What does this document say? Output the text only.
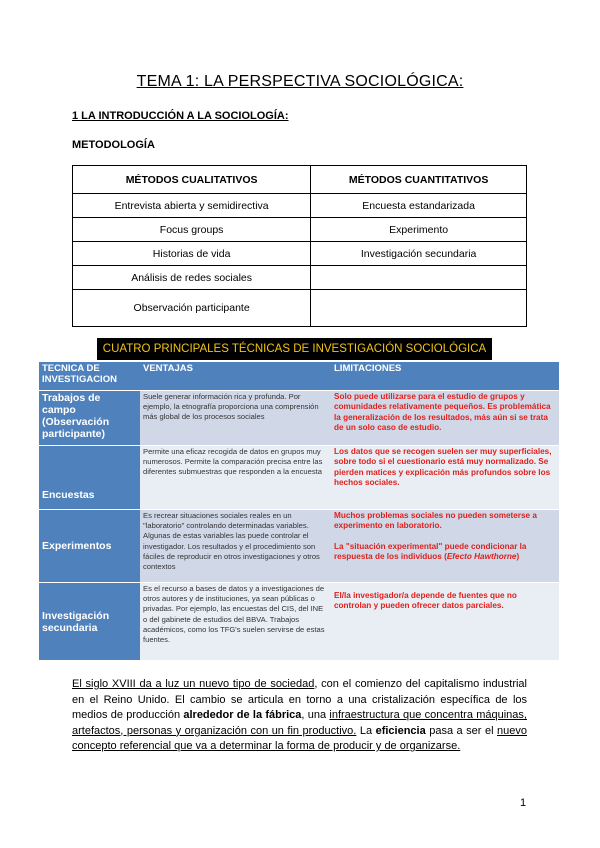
TEMA 1: LA PERSPECTIVA SOCIOLÓGICA:
1 LA INTRODUCCIÓN A LA SOCIOLOGÍA:
METODOLOGÍA
MÉTODOS CUALITATIVOS	MÉTODOS CUANTITATIVOS
Entrevista abierta y semidirectiva	Encuesta estandarizada
Focus groups	Experimento
Historias de vida	Investigación secundaria
Análisis de redes sociales	
Observación participante	
CUATRO PRINCIPALES TÉCNICAS DE INVESTIGACIÓN SOCIOLÓGICA
TECNICA DE INVESTIGACION	VENTAJAS	LIMITACIONES
Trabajos de campo (Observación participante)	Suele generar información rica y profunda. Por ejemplo, la etnografía proporciona una comprensión más global de los procesos sociales	Solo puede utilizarse para el estudio de grupos y comunidades relativamente pequeños. Es problemática la generalización de los resultados, más aún si se trata de un solo caso de estudio.
Encuestas	Permite una eficaz recogida de datos en grupos muy numerosos. Permite la comparación precisa entre las diferentes submuestras que responden a la encuesta	Los datos que se recogen suelen ser muy superficiales, sobre todo si el cuestionario está muy normalizado. Se pierden matices y explicación más profundos sobre los hechos sociales.
Experimentos	Es recrear situaciones sociales reales en un "laboratorio" controlando determinadas variables. Algunas de estas variables las puede controlar el investigador. Los resultados y el procedimiento son fáciles de reproducir en otros investigaciones y otros contextos	Muchos problemas sociales no pueden someterse a experimento en laboratorio.
La "situación experimental" puede condicionar la respuesta de los individuos (Efecto Hawthorne)

Investigación secundaria	Es el recurso a bases de datos y a investigaciones de otros autores y de instituciones, ya sean públicas o privadas. Por ejemplo, las encuestas del CIS, del INE o del gabinete de estudios del BBVA. Trabajos académicos, como los TFG's suelen servirse de estas fuentes.	El/la investigador/a depende de fuentes que no controlan y pueden ofrecer datos parciales.
El siglo XVIII da a luz un nuevo tipo de sociedad, con el comienzo del capitalismo industrial en el Reino Unido. El cambio se articula en torno a una cristalización específica de los medios de producción alrededor de la fábrica, una infraestructura que concentra máquinas, artefactos, personas y organización con un fin productivo. La eficiencia pasa a ser el nuevo concepto referencial que va a determinar la forma de producir y de organizarse.
1
